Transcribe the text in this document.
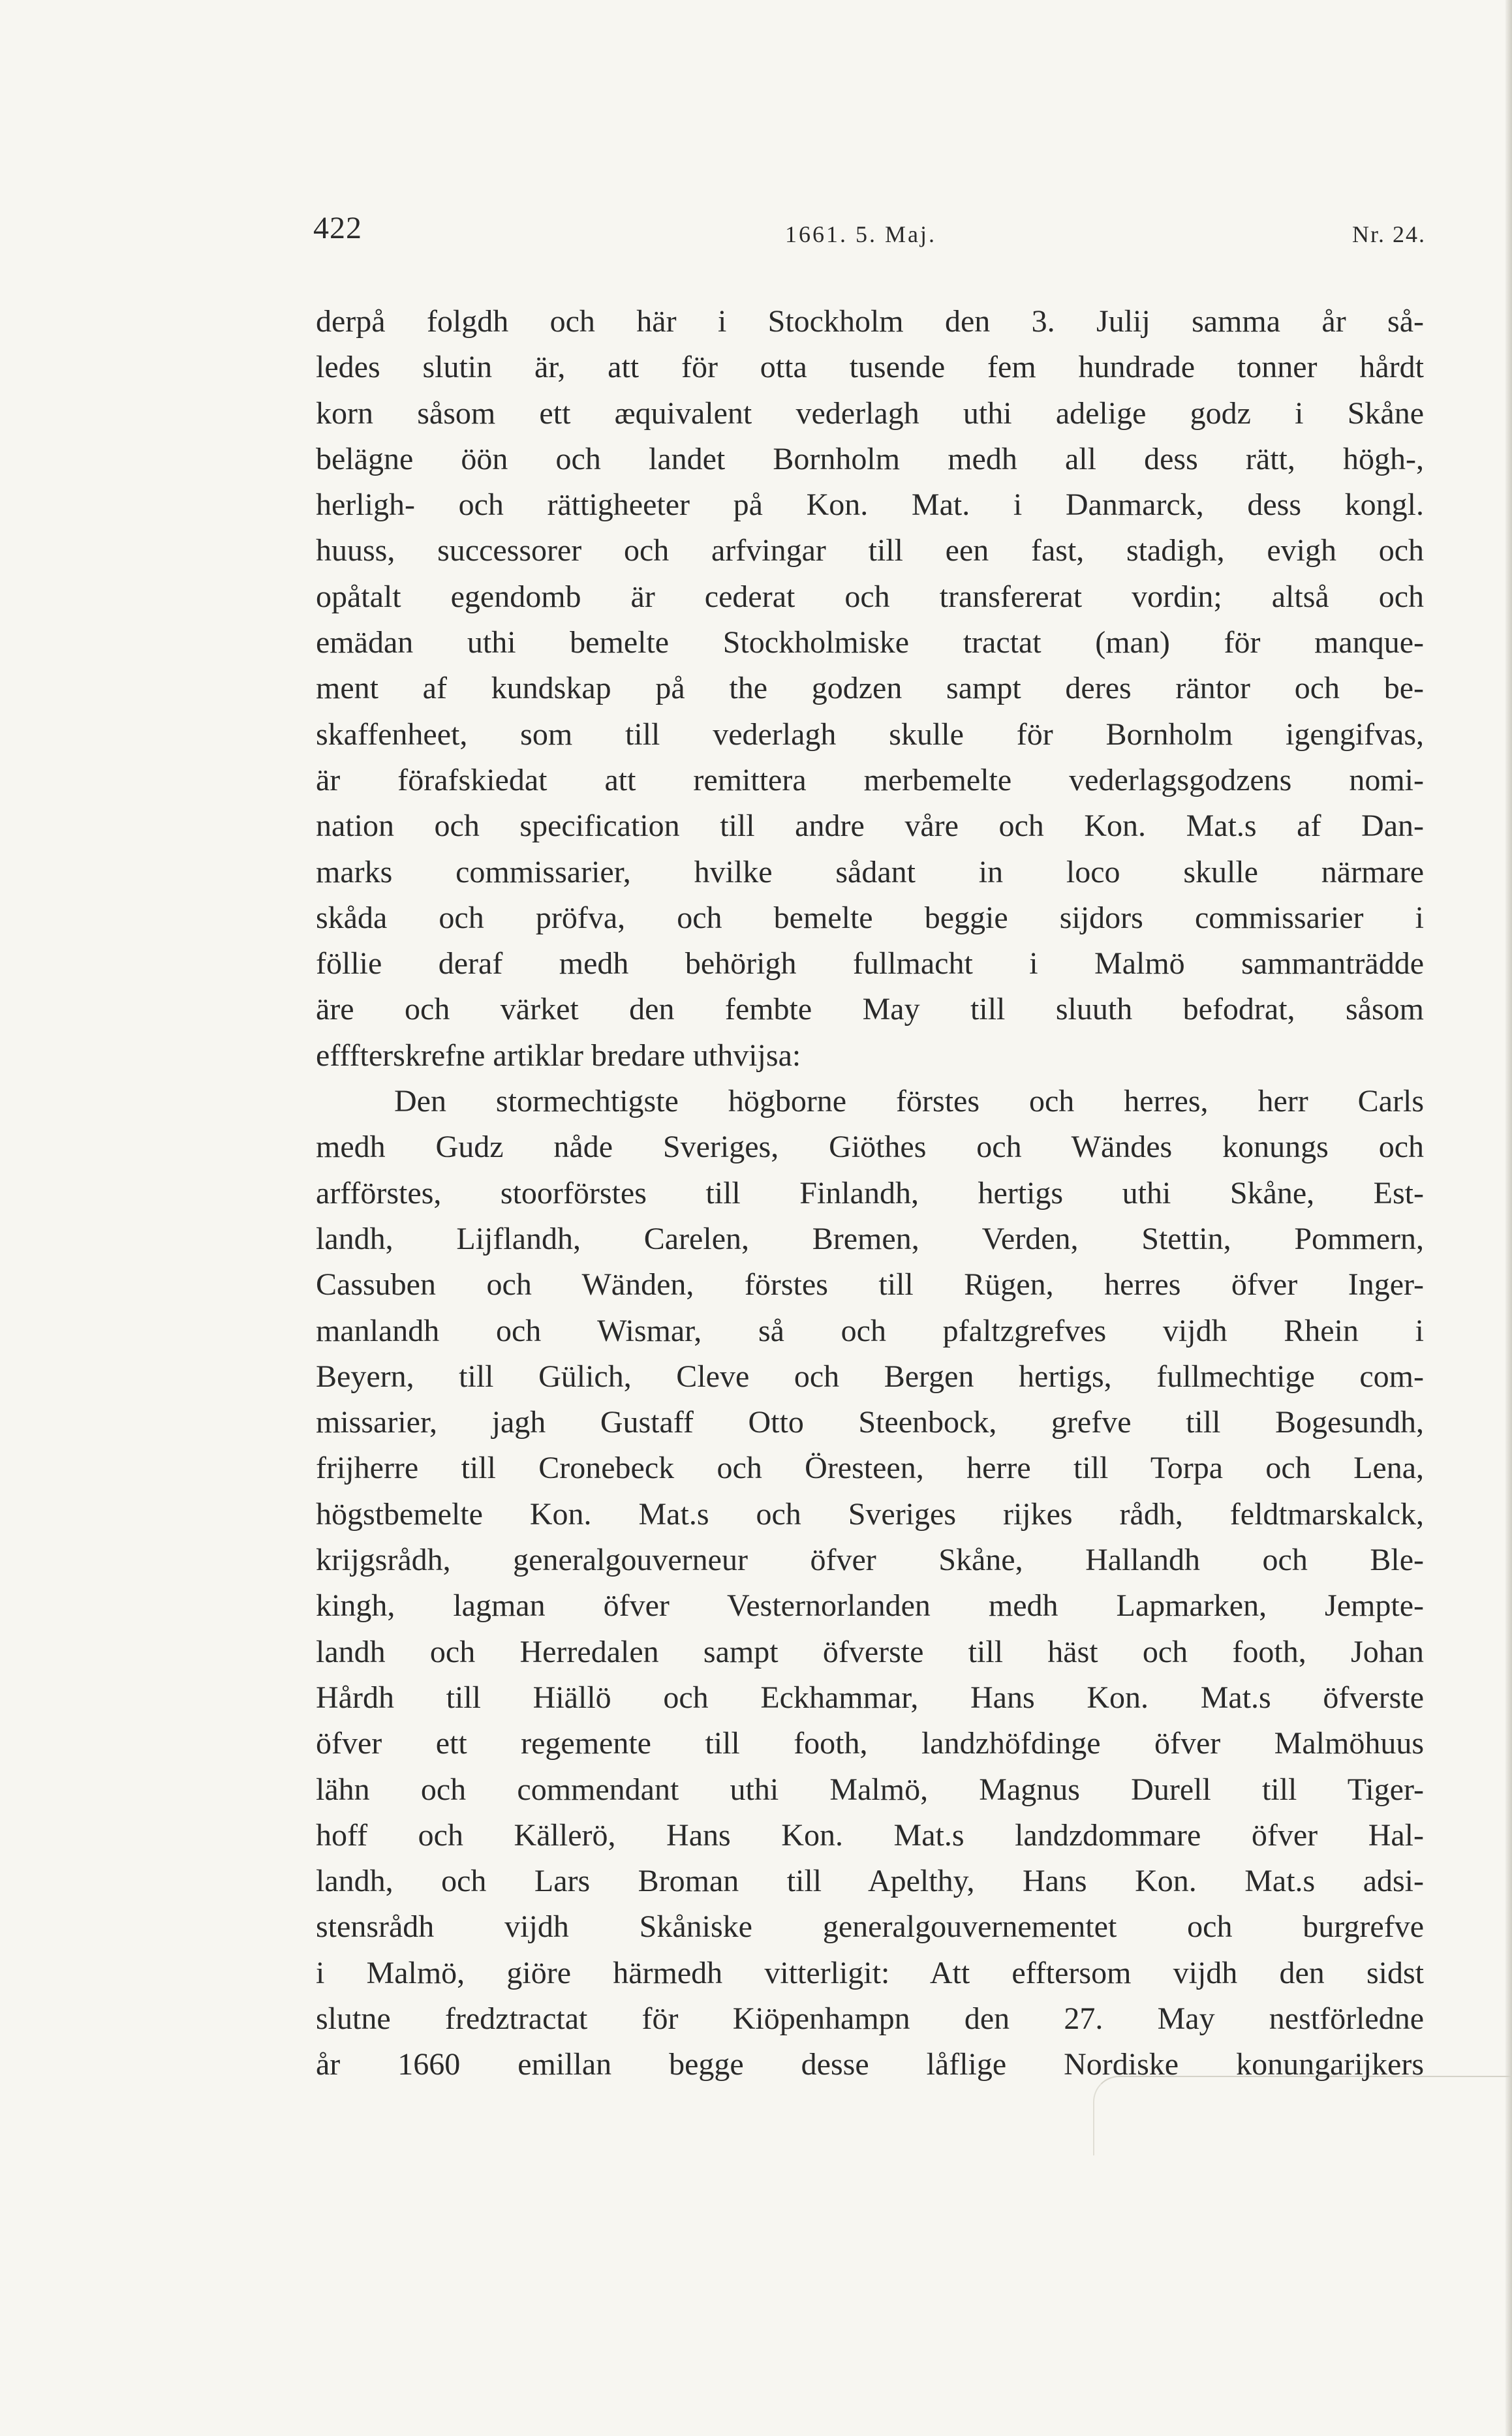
422	1661. 5. Maj.	Nr. 24.
derpå folgdh och här i Stockholm den 3. Julij samma år så-
ledes slutin är, att för otta tusende fem hundrade tonner hårdt
korn såsom ett æquivalent vederlagh uthi adelige godz i Skåne
belägne öön och landet Bornholm medh all dess rätt, högh-,
herligh- och rättigheeter på Kon. Mat. i Danmarck, dess kongl.
huuss, successorer och arfvingar till een fast, stadigh, evigh och
opåtalt egendomb är cederat och transfererat vordin; altså och
emädan uthi bemelte Stockholmiske tractat (man) för manque-
ment af kundskap på the godzen sampt deres räntor och be-
skaffenheet, som till vederlagh skulle för Bornholm igengifvas,
är förafskiedat att remittera merbemelte vederlagsgodzens nomi-
nation och specification till andre våre och Kon. Mat.s af Dan-
marks commissarier, hvilke sådant in loco skulle närmare
skåda och pröfva, och bemelte beggie sijdors commissarier i
föllie deraf medh behörigh fullmacht i Malmö sammanträdde
äre och värket den fembte May till sluuth befodrat, såsom
efffterskrefne artiklar bredare uthvijsa:
Den stormechtigste högborne förstes och herres, herr Carls
medh Gudz nåde Sveriges, Giöthes och Wändes konungs och
arfförstes, stoorförstes till Finlandh, hertigs uthi Skåne, Est-
landh, Lijflandh, Carelen, Bremen, Verden, Stettin, Pommern,
Cassuben och Wänden, förstes till Rügen, herres öfver Inger-
manlandh och Wismar, så och pfaltzgrefves vijdh Rhein i
Beyern, till Gülich, Cleve och Bergen hertigs, fullmechtige com-
missarier, jagh Gustaff Otto Steenbock, grefve till Bogesundh,
frijherre till Cronebeck och Öresteen, herre till Torpa och Lena,
högstbemelte Kon. Mat.s och Sveriges rijkes rådh, feldtmarskalck,
krijgsrådh, generalgouverneur öfver Skåne, Hallandh och Ble-
kingh, lagman öfver Vesternorlanden medh Lapmarken, Jempte-
landh och Herredalen sampt öfverste till häst och footh, Johan
Hårdh till Hiällö och Eckhammar, Hans Kon. Mat.s öfverste
öfver ett regemente till footh, landzhöfdinge öfver Malmöhuus
lähn och commendant uthi Malmö, Magnus Durell till Tiger-
hoff och Källerö, Hans Kon. Mat.s landzdommare öfver Hal-
landh, och Lars Broman till Apelthy, Hans Kon. Mat.s adsi-
stensrådh vijdh Skåniske generalgouvernementet och burgrefve
i Malmö, giöre härmedh vitterligit: Att efftersom vijdh den sidst
slutne fredztractat för Kiöpenhampn den 27. May nestförledne
år 1660 emillan begge desse låflige Nordiske konungarijkers
